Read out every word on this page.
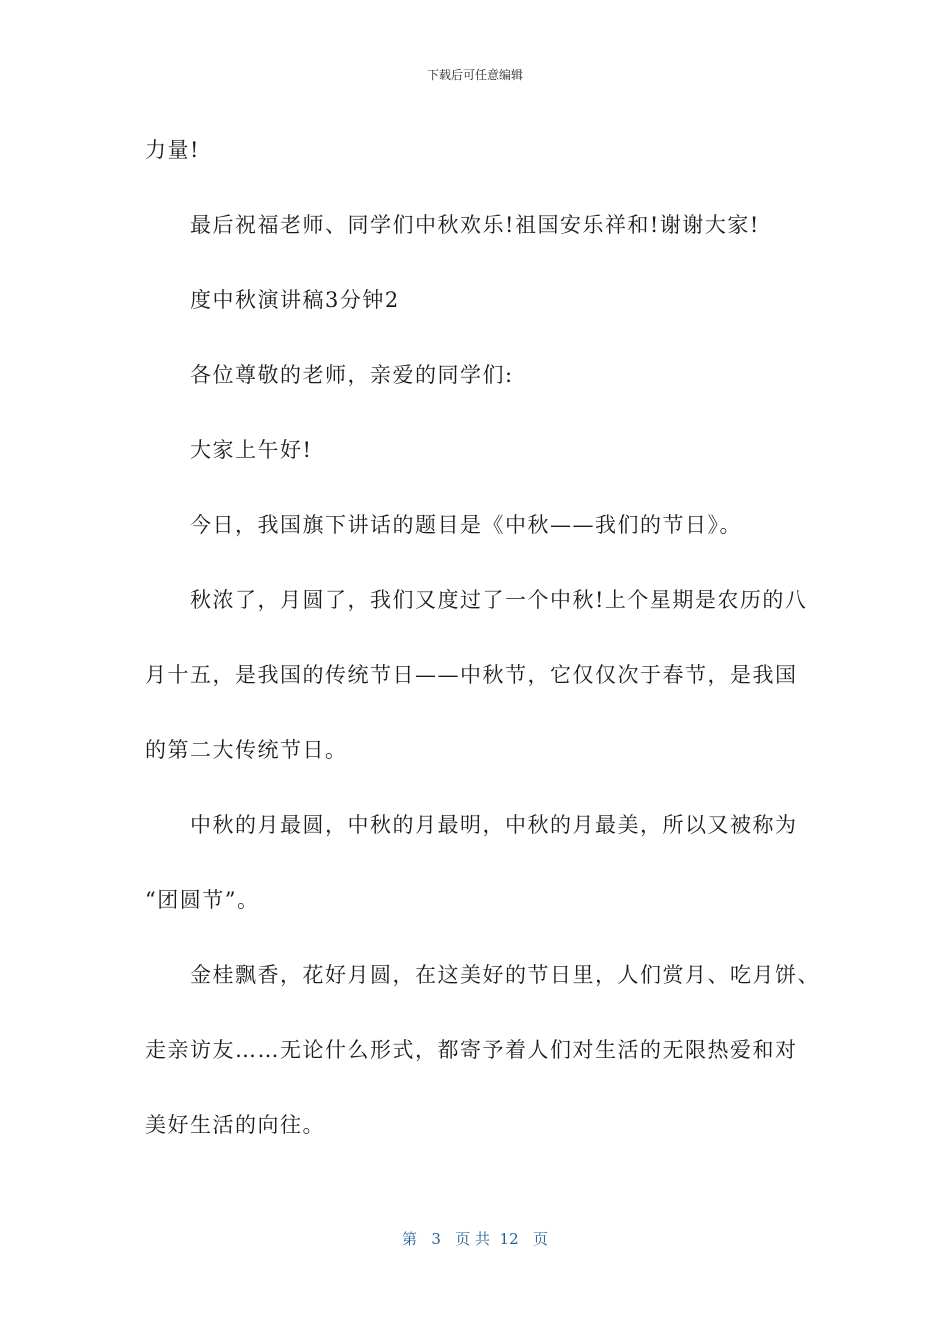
下载后可任意编辑
力量!
最后祝福老师、同学们中秋欢乐!祖国安乐祥和!谢谢大家!
度中秋演讲稿3分钟2
各位尊敬的老师，亲爱的同学们:
大家上午好!
今日，我国旗下讲话的题目是《中秋——我们的节日》。
秋浓了，月圆了，我们又度过了一个中秋!上个星期是农历的八
月十五，是我国的传统节日——中秋节，它仅仅次于春节，是我国
的第二大传统节日。
中秋的月最圆，中秋的月最明，中秋的月最美，所以又被称为
“团圆节”。
金桂飘香，花好月圆，在这美好的节日里，人们赏月、吃月饼、
走亲访友……无论什么形式，都寄予着人们对生活的无限热爱和对
美好生活的向往。
第 3 页 共 12 页
